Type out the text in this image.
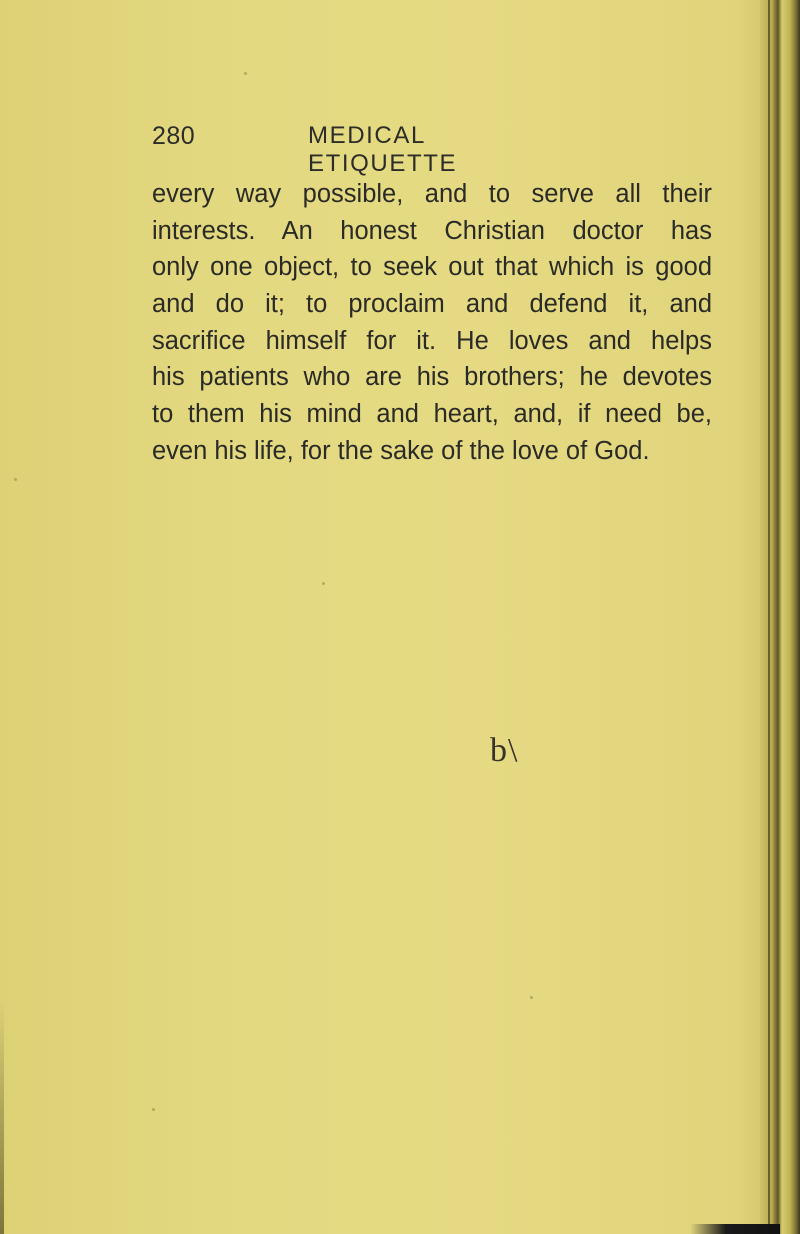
280	MEDICAL ETIQUETTE
every way possible, and to serve all their
interests. An honest Christian doctor has
only one object, to seek out that which is good
and do it; to proclaim and defend it, and
sacrifice himself for it. He loves and helps
his patients who are his brothers; he devotes
to them his mind and heart, and, if need be,
even his life, for the sake of the love of God.
b\
